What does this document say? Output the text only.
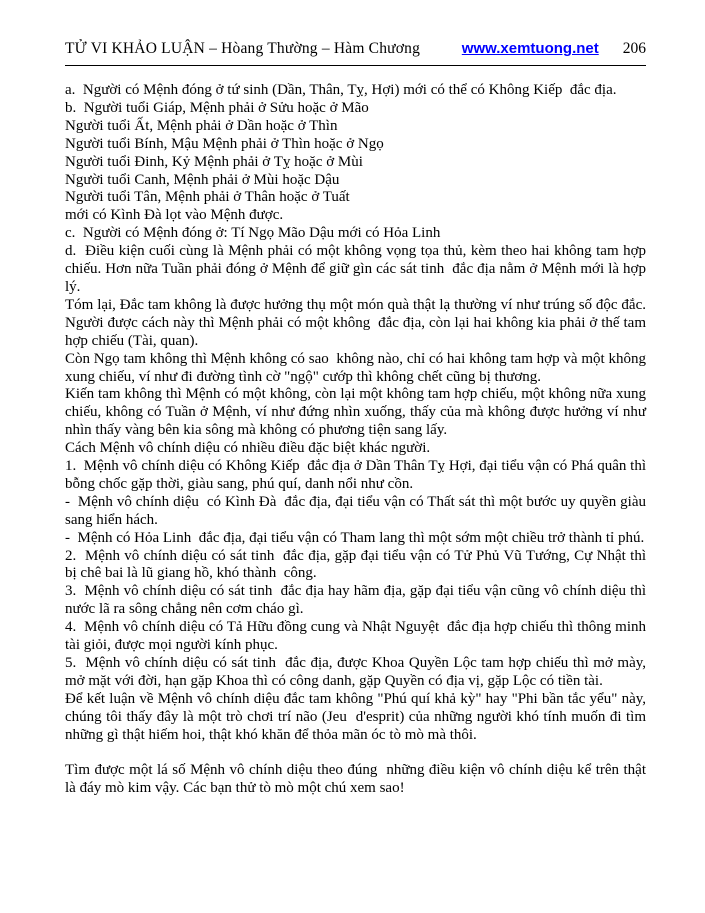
TỬ VI KHẢO LUẬN – Hòang Thường – Hàm Chương	www.xemtuong.net 206

a.  Người có Mệnh đóng ở tứ sinh (Dần, Thân, Tỵ, Hợi) mới có thể có Không Kiếp  đắc địa.

b.  Người tuổi Giáp, Mệnh phải ở Sửu hoặc ở Mão

Người tuổi Ất, Mệnh phải ở Dần hoặc ở Thìn

Người tuổi Bính, Mậu Mệnh phải ở Thìn hoặc ở Ngọ

Người tuổi Đinh, Kỷ Mệnh phải ở Tỵ hoặc ở Mùi

Người tuổi Canh, Mệnh phải ở Mùi hoặc Dậu

Người tuổi Tân, Mệnh phải ở Thân hoặc ở Tuất

mới có Kình Đà lọt vào Mệnh được.

c.  Người có Mệnh đóng ở: Tí Ngọ Mão Dậu mới có Hỏa Linh

d.  Điều kiện cuối cùng là Mệnh phải có một không vọng tọa thủ, kèm theo hai không tam hợp chiếu. Hơn nữa Tuần phải đóng ở Mệnh để giữ gìn các sát tinh  đắc địa nằm ở Mệnh mới là hợp lý.

Tóm lại, Đắc tam không là được hưởng thụ một món quà thật lạ thường ví như trúng số độc đắc. Người được cách này thì Mệnh phải có một không  đắc địa, còn lại hai không kia phải ở thế tam hợp chiếu (Tài, quan).

Còn Ngọ tam không thì Mệnh không có sao  không nào, chỉ có hai không tam hợp và một không xung chiếu, ví như đi đường tình cờ "ngộ" cướp thì không chết cũng bị thương.

Kiến tam không thì Mệnh có một không, còn lại một không tam hợp chiếu, một không nữa xung chiếu, không có Tuần ở Mệnh, ví như đứng nhìn xuống, thấy của mà không được hưởng ví như nhìn thấy vàng bên kia sông mà không có phương tiện sang lấy.

Cách Mệnh vô chính diệu có nhiều điều đặc biệt khác người.

1.  Mệnh vô chính diệu có Không Kiếp  đắc địa ở Dần Thân Tỵ Hợi, đại tiểu vận có Phá quân thì bỗng chốc gặp thời, giàu sang, phú quí, danh nổi như cồn.

-  Mệnh vô chính diệu  có Kình Đà  đắc địa, đại tiểu vận có Thất sát thì một bước uy quyền giàu sang hiển hách.

-  Mệnh có Hỏa Linh  đắc địa, đại tiểu vận có Tham lang thì một sớm một chiều trở thành tỉ phú.

2.  Mệnh vô chính diệu có sát tinh  đắc địa, gặp đại tiểu vận có Tử Phủ Vũ Tướng, Cự Nhật thì bị chê bai là lũ giang hồ, khó thành  công.

3.  Mệnh vô chính diệu có sát tinh  đắc địa hay hãm địa, gặp đại tiểu vận cũng vô chính diệu thì nước lã ra sông chẳng nên cơm cháo gì.

4.  Mệnh vô chính diệu có Tả Hữu đồng cung và Nhật Nguyệt  đắc địa hợp chiếu thì thông minh tài giỏi, được mọi người kính phục.

5.  Mệnh vô chính diệu có sát tinh  đắc địa, được Khoa Quyền Lộc tam hợp chiếu thì mở mày, mở mặt với đời, hạn gặp Khoa thì có công danh, gặp Quyền có địa vị, gặp Lộc có tiền tài.

Để kết luận về Mệnh vô chính diệu đắc tam không "Phú quí khả kỳ" hay "Phi bần tắc yểu" này, chúng tôi thấy đây là một trò chơi trí não (Jeu  d'esprit) của những người khó tính muốn đi tìm những gì thật hiếm hoi, thật khó khăn để thỏa mãn óc tò mò mà thôi.

Tìm được một lá số Mệnh vô chính diệu theo đúng  những điều kiện vô chính diệu kể trên thật là đáy mò kim vậy. Các bạn thử tò mò một chú xem sao!
